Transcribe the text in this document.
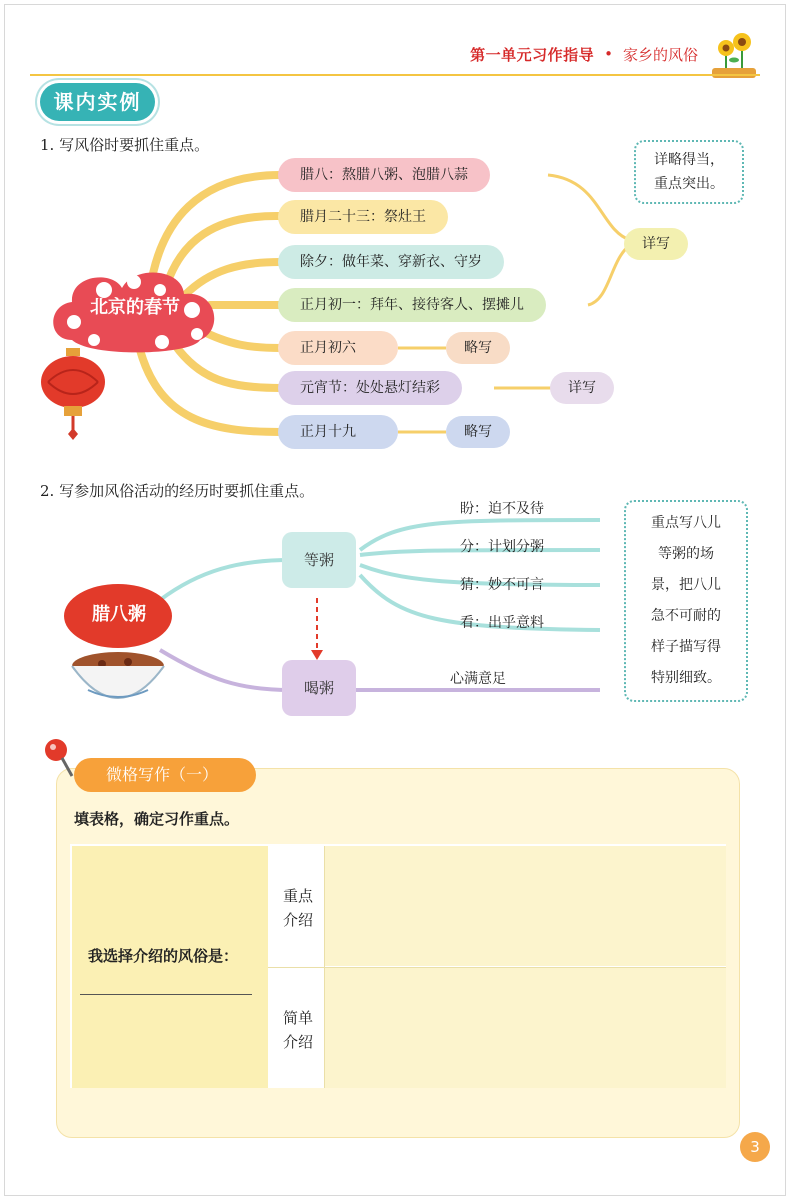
第一单元习作指导 • 家乡的风俗
课内实例
1. 写风俗时要抓住重点。
北京的春节
腊八：熬腊八粥、泡腊八蒜
腊月二十三：祭灶王
除夕：做年菜、穿新衣、守岁
正月初一：拜年、接待客人、摆摊儿
正月初六
元宵节：处处悬灯结彩
正月十九
详写
略写
详写
略写
详略得当，
重点突出。
2. 写参加风俗活动的经历时要抓住重点。
腊八粥
等粥
喝粥
盼：迫不及待
分：计划分粥
猜：妙不可言
看：出乎意料
心满意足
重点写八儿
等粥的场
景，把八儿
急不可耐的
样子描写得
特别细致。
微格写作（一）
填表格，确定习作重点。
我选择介绍的风俗是：
重点
介绍
简单
介绍
3
